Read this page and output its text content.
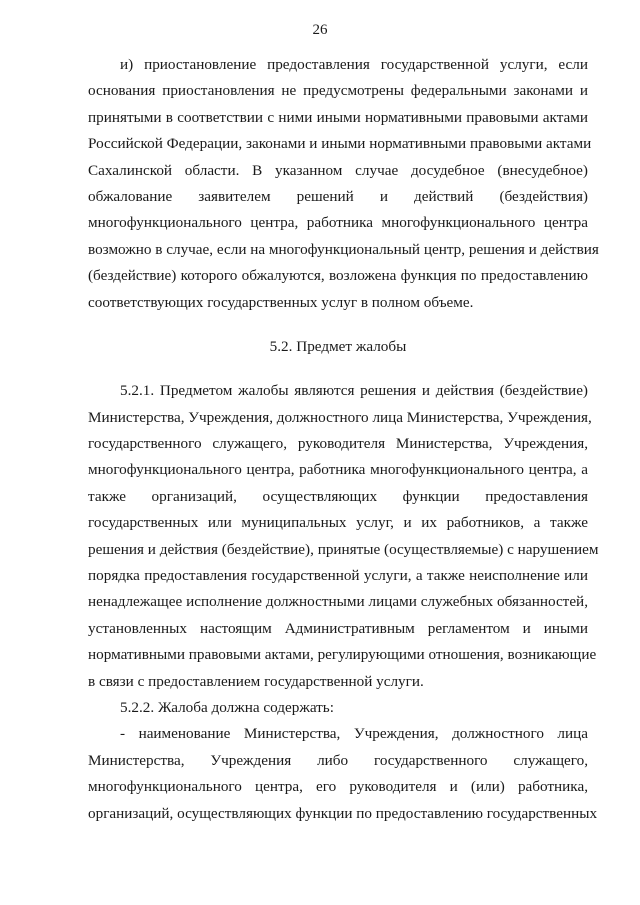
26
и) приостановление предоставления государственной услуги, если
основания приостановления не предусмотрены федеральными законами и
принятыми в соответствии с ними иными нормативными правовыми актами
Российской Федерации, законами и иными нормативными правовыми актами
Сахалинской области. В указанном случае досудебное (внесудебное)
обжалование заявителем решений и действий (бездействия)
многофункционального центра, работника многофункционального центра
возможно в случае, если на многофункциональный центр, решения и действия
(бездействие) которого обжалуются, возложена функция по предоставлению
соответствующих государственных услуг в полном объеме.
5.2. Предмет жалобы
5.2.1. Предметом жалобы являются решения и действия (бездействие)
Министерства, Учреждения, должностного лица Министерства, Учреждения,
государственного служащего, руководителя Министерства, Учреждения,
многофункционального центра, работника многофункционального центра, а
также организаций, осуществляющих функции предоставления
государственных или муниципальных услуг, и их работников, а также
решения и действия (бездействие), принятые (осуществляемые) с нарушением
порядка предоставления государственной услуги, а также неисполнение или
ненадлежащее исполнение должностными лицами служебных обязанностей,
установленных настоящим Административным регламентом и иными
нормативными правовыми актами, регулирующими отношения, возникающие
в связи с предоставлением государственной услуги.
5.2.2. Жалоба должна содержать:
- наименование Министерства, Учреждения, должностного лица
Министерства, Учреждения либо государственного служащего,
многофункционального центра, его руководителя и (или) работника,
организаций, осуществляющих функции по предоставлению государственных
